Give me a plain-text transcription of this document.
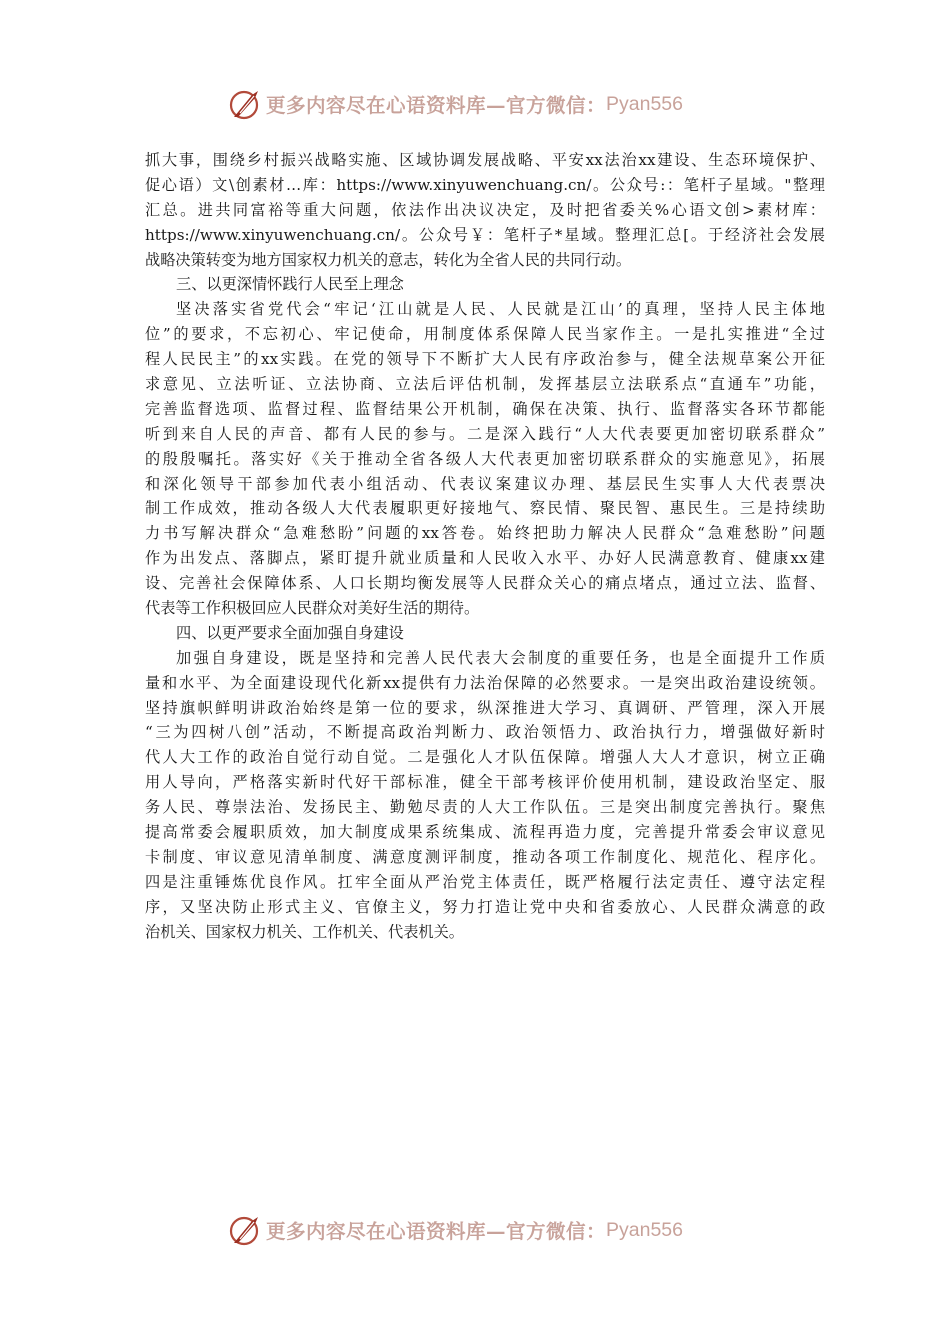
更多内容尽在心语资料库—官方微信： Pyan556
抓大事，围绕乡村振兴战略实施、区域协调发展战略、平安xx法治xx建设、生态环境保护、
促心语）文\创素材…库：https://www.xinyuwenchuang.cn/。公众号:：笔杆子星域。"整理
汇总。进共同富裕等重大问题，依法作出决议决定，及时把省委关%心语文创>素材库：
https://www.xinyuwenchuang.cn/。公众号￥：笔杆子*星域。整理汇总[。于经济社会发展
战略决策转变为地方国家权力机关的意志，转化为全省人民的共同行动。
三、以更深情怀践行人民至上理念
坚决落实省党代会“牢记‘江山就是人民、人民就是江山’的真理，坚持人民主体地
位”的要求，不忘初心、牢记使命，用制度体系保障人民当家作主。一是扎实推进“全过
程人民民主”的xx实践。在党的领导下不断扩大人民有序政治参与，健全法规草案公开征
求意见、立法听证、立法协商、立法后评估机制，发挥基层立法联系点“直通车”功能，
完善监督选项、监督过程、监督结果公开机制，确保在决策、执行、监督落实各环节都能
听到来自人民的声音、都有人民的参与。二是深入践行“人大代表要更加密切联系群众”
的殷殷嘱托。落实好《关于推动全省各级人大代表更加密切联系群众的实施意见》，拓展
和深化领导干部参加代表小组活动、代表议案建议办理、基层民生实事人大代表票决
制工作成效，推动各级人大代表履职更好接地气、察民情、聚民智、惠民生。三是持续助
力书写解决群众“急难愁盼”问题的xx答卷。始终把助力解决人民群众“急难愁盼”问题
作为出发点、落脚点，紧盯提升就业质量和人民收入水平、办好人民满意教育、健康xx建
设、完善社会保障体系、人口长期均衡发展等人民群众关心的痛点堵点，通过立法、监督、
代表等工作积极回应人民群众对美好生活的期待。
四、以更严要求全面加强自身建设
加强自身建设，既是坚持和完善人民代表大会制度的重要任务，也是全面提升工作质
量和水平、为全面建设现代化新xx提供有力法治保障的必然要求。一是突出政治建设统领。
坚持旗帜鲜明讲政治始终是第一位的要求，纵深推进大学习、真调研、严管理，深入开展
“三为四树八创”活动，不断提高政治判断力、政治领悟力、政治执行力，增强做好新时
代人大工作的政治自觉行动自觉。二是强化人才队伍保障。增强人大人才意识，树立正确
用人导向，严格落实新时代好干部标准，健全干部考核评价使用机制，建设政治坚定、服
务人民、尊崇法治、发扬民主、勤勉尽责的人大工作队伍。三是突出制度完善执行。聚焦
提高常委会履职质效，加大制度成果系统集成、流程再造力度，完善提升常委会审议意见
卡制度、审议意见清单制度、满意度测评制度，推动各项工作制度化、规范化、程序化。
四是注重锤炼优良作风。扛牢全面从严治党主体责任，既严格履行法定责任、遵守法定程
序，又坚决防止形式主义、官僚主义，努力打造让党中央和省委放心、人民群众满意的政
治机关、国家权力机关、工作机关、代表机关。
更多内容尽在心语资料库—官方微信： Pyan556
